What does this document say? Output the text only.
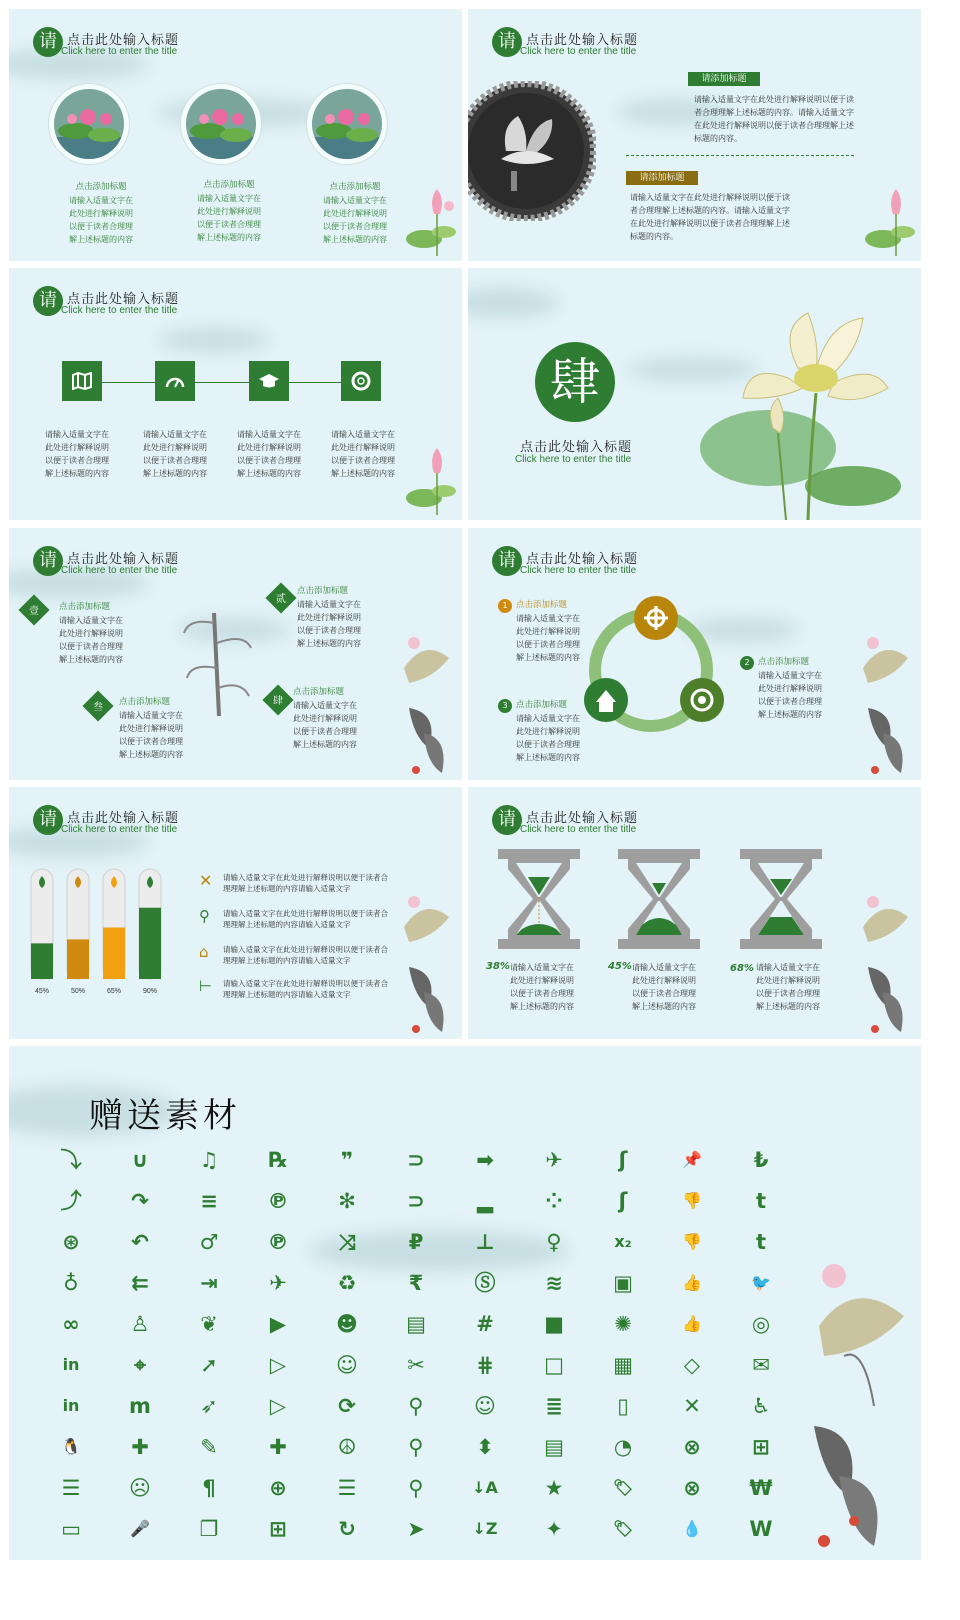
请 点击此处输入标题
Click here to enter the title
点击添加标题
请输入适量文字在
此处进行解释说明
以便于读者合理理
解上述标题的内容
点击添加标题
请输入适量文字在
此处进行解释说明
以便于读者合理理
解上述标题的内容
点击添加标题
请输入适量文字在
此处进行解释说明
以便于读者合理理
解上述标题的内容
请 点击此处输入标题
Click here to enter the title
请添加标题
请输入适量文字在此处进行解释说明以便于读
者合理理解上述标题的内容。请输入适量文字
在此处进行解释说明以便于读者合理理解上述
标题的内容。
请添加标题
请输入适量文字在此处进行解释说明以便于读
者合理理解上述标题的内容。请输入适量文字
在此处进行解释说明以便于读者合理理解上述
标题的内容。
请 点击此处输入标题
Click here to enter the title
请输入适量文字在
此处进行解释说明
以便于读者合理理
解上述标题的内容
请输入适量文字在
此处进行解释说明
以便于读者合理理
解上述标题的内容
请输入适量文字在
此处进行解释说明
以便于读者合理理
解上述标题的内容
请输入适量文字在
此处进行解释说明
以便于读者合理理
解上述标题的内容
肆
点击此处输入标题
Click here to enter the title
请 点击此处输入标题
Click here to enter the title
壹	点击添加标题
请输入适量文字在
此处进行解释说明
以便于读者合理理
解上述标题的内容
贰
点击添加标题
请输入适量文字在
此处进行解释说明
以便于读者合理理
解上述标题的内容
叁	点击添加标题
请输入适量文字在
此处进行解释说明
以便于读者合理理
解上述标题的内容
肆
点击添加标题
请输入适量文字在
此处进行解释说明
以便于读者合理理
解上述标题的内容
请 点击此处输入标题
Click here to enter the title
1 点击添加标题
请输入适量文字在
此处进行解释说明
以便于读者合理理
解上述标题的内容
2 点击添加标题
请输入适量文字在
此处进行解释说明
以便于读者合理理
解上述标题的内容
3 点击添加标题
请输入适量文字在
此处进行解释说明
以便于读者合理理
解上述标题的内容
请 点击此处输入标题
Click here to enter the title
45%	50%	65%	90%
✕	请输入适量文字在此处进行解释说明以便于读者合
理理解上述标题的内容请输入适量文字
⚲	请输入适量文字在此处进行解释说明以便于读者合
理理解上述标题的内容请输入适量文字
⌂	请输入适量文字在此处进行解释说明以便于读者合
理理解上述标题的内容请输入适量文字
⊢	请输入适量文字在此处进行解释说明以便于读者合
理理解上述标题的内容请输入适量文字
请 点击此处输入标题
Click here to enter the title
38% 请输入适量文字在
此处进行解释说明
以便于读者合理理
解上述标题的内容
45% 请输入适量文字在
此处进行解释说明
以便于读者合理理
解上述标题的内容
68% 请输入适量文字在
此处进行解释说明
以便于读者合理理
解上述标题的内容
赠送素材
⤵ ∪ ♫ ℞	❞	⊃ ➡ ✈	ʃ	📌	₺
⤴ ↷ ≡ ℗ ✻ ⊃ ▂ ⁘	ʃ	👎	t
⊛ ↶ ♂ ℗ ⤨	₽	⊥ ♀	x₂	👎	t
♁	⇇ ⇥ ✈ ♻	₹	Ⓢ ≋ ▣	👍	🐦
∞ ♙ ❦ ▶ ☻ ▤ # ■ ✺	👍 ◎
in	⌖	➚ ▷ ☺ ✂ ⋕ □ ▦ ◇ ✉
in m ➶ ▷ ⟳	⚲	☺ ≣	▯	✕ ♿
🐧 ✚ ✎ ✚ ☮ ⚲	⬍ ▤ ◔ ⊗ ⊞
☰ ☹	¶	⊕ ☰ ⚲	↓A ★	🏷 ⊗ ₩
▭	🎤 ❐ ⊞ ↻ ➤	↓Z ✦	🏷	💧 W
